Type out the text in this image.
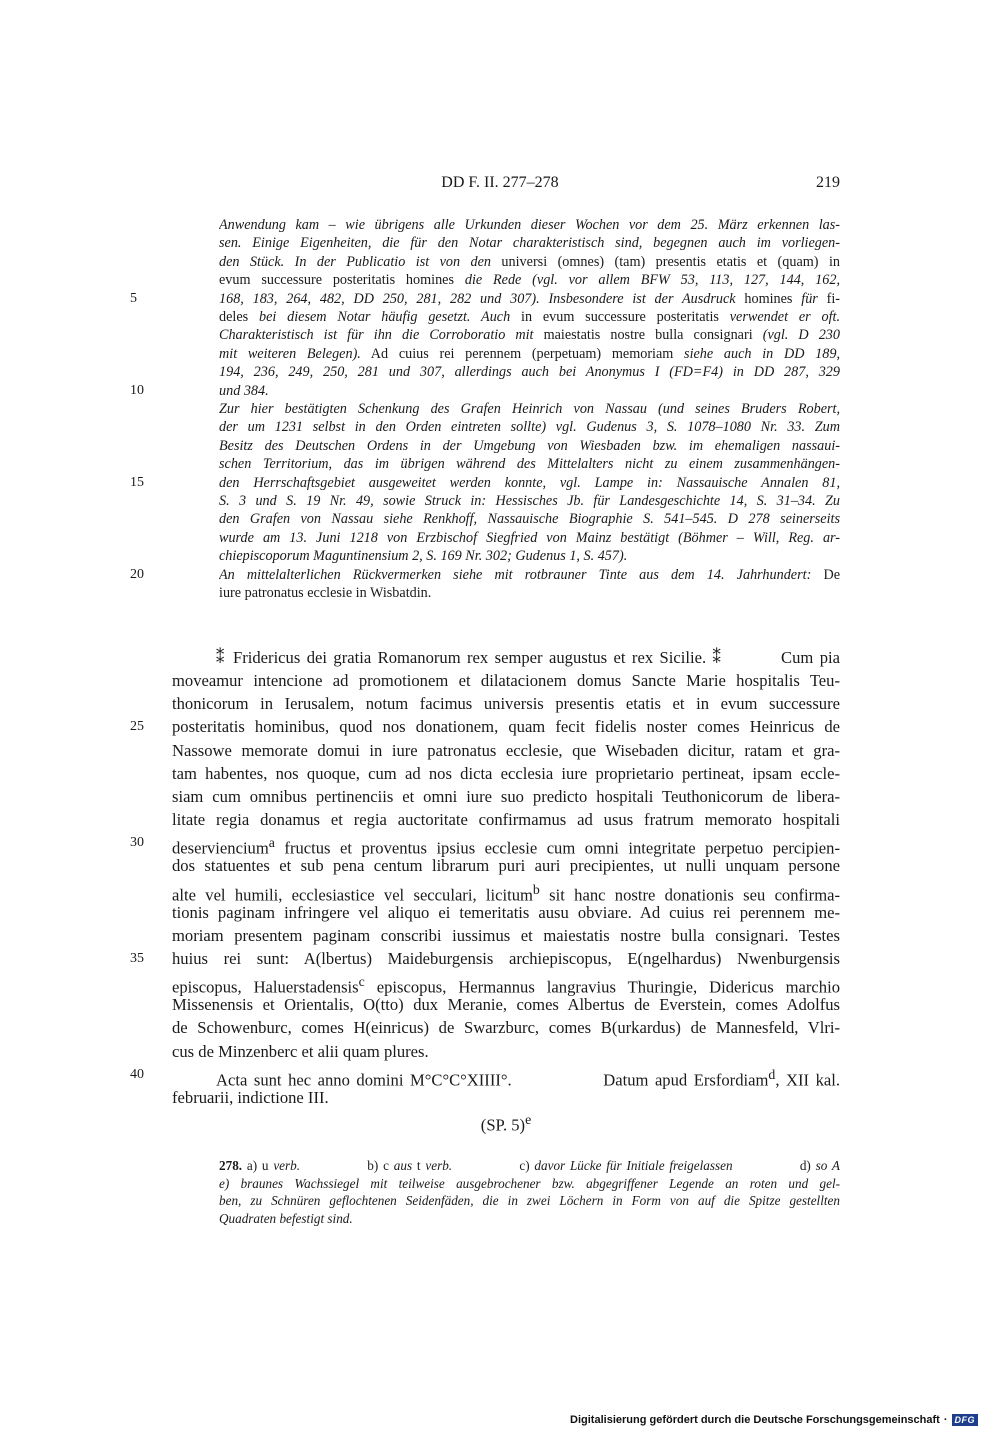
DD F. II. 277–278	219
Anwendung kam – wie übrigens alle Urkunden dieser Wochen vor dem 25. März erkennen las-
sen. Einige Eigenheiten, die für den Notar charakteristisch sind, begegnen auch im vorliegen-
den Stück. In der Publicatio ist von den universi (omnes) (tam) presentis etatis et (quam) in
evum successure posteritatis homines die Rede (vgl. vor allem BFW 53, 113, 127, 144, 162,
168, 183, 264, 482, DD 250, 281, 282 und 307). Insbesondere ist der Ausdruck homines für fi-
deles bei diesem Notar häufig gesetzt. Auch in evum successure posteritatis verwendet er oft.
Charakteristisch ist für ihn die Corroboratio mit maiestatis nostre bulla consignari (vgl. D 230
mit weiteren Belegen). Ad cuius rei perennem (perpetuam) memoriam siehe auch in DD 189,
194, 236, 249, 250, 281 und 307, allerdings auch bei Anonymus I (FD=F4) in DD 287, 329
und 384.
Zur hier bestätigten Schenkung des Grafen Heinrich von Nassau (und seines Bruders Robert,
der um 1231 selbst in den Orden eintreten sollte) vgl. Gudenus 3, S. 1078–1080 Nr. 33. Zum
Besitz des Deutschen Ordens in der Umgebung von Wiesbaden bzw. im ehemaligen nassaui-
schen Territorium, das im übrigen während des Mittelalters nicht zu einem zusammenhängen-
den Herrschaftsgebiet ausgeweitet werden konnte, vgl. Lampe in: Nassauische Annalen 81,
S. 3 und S. 19 Nr. 49, sowie Struck in: Hessisches Jb. für Landesgeschichte 14, S. 31–34. Zu
den Grafen von Nassau siehe Renkhoff, Nassauische Biographie S. 541–545. D 278 seinerseits
wurde am 13. Juni 1218 von Erzbischof Siegfried von Mainz bestätigt (Böhmer – Will, Reg. ar-
chiepiscoporum Maguntinensium 2, S. 169 Nr. 302; Gudenus 1, S. 457).
An mittelalterlichen Rückvermerken siehe mit rotbrauner Tinte aus dem 14. Jahrhundert: De
iure patronatus ecclesie in Wisbatdin.
5
10
15
20
⁑ Fridericus dei gratia Romanorum rex semper augustus et rex Sicilie. ⁑         Cum pia
moveamur intencione ad promotionem et dilatacionem domus Sancte Marie hospitalis Teu-
thonicorum in Ierusalem, notum facimus universis presentis etatis et in evum successure
posteritatis hominibus, quod nos donationem, quam fecit fidelis noster comes Heinricus de
Nassowe memorate domui in iure patronatus ecclesie, que Wisebaden dicitur, ratam et gra-
tam habentes, nos quoque, cum ad nos dicta ecclesia iure proprietario pertineat, ipsam eccle-
siam cum omnibus pertinenciis et omni iure suo predicto hospitali Teuthonicorum de libera-
litate regia donamus et regia auctoritate confirmamus ad usus fratrum memorato hospitali
deserviencium$^a$ fructus et proventus ipsius ecclesie cum omni integritate perpetuo percipien-
dos statuentes et sub pena centum librarum puri auri precipientes, ut nulli unquam persone
alte vel humili, ecclesiastice vel secculari, licitum$^b$ sit hanc nostre donationis seu confirma-
tionis paginam infringere vel aliquo ei temeritatis ausu obviare. Ad cuius rei perennem me-
moriam presentem paginam conscribi iussimus et maiestatis nostre bulla consignari. Testes
huius rei sunt: A(lbertus) Maideburgensis archiepiscopus, E(ngelhardus) Nwenburgensis
episcopus, Haluerstadensis$^c$ episcopus, Hermannus langravius Thuringie, Didericus marchio
Missenensis et Orientalis, O(tto) dux Meranie, comes Albertus de Everstein, comes Adolfus
de Schowenburc, comes H(einricus) de Swarzburc, comes B(urkardus) de Mannesfeld, Vlri-
cus de Minzenberc et alii quam plures.
Acta sunt hec anno domini M°C°C°XIIII°.              Datum apud Ersfordiam$^d$, XII kal.
februarii, indictione III.
25
30
35
40
(SP. 5)$^e$
278. a) u verb.              b) c aus t verb.              c) davor Lücke für Initiale freigelassen              d) so A
e) braunes Wachssiegel mit teilweise ausgebrochener bzw. abgegriffener Legende an roten und gel-
ben, zu Schnüren geflochtenen Seidenfäden, die in zwei Löchern in Form von auf die Spitze gestellten
Quadraten befestigt sind.
Digitalisierung gefördert durch die Deutsche Forschungsgemeinschaft · DFG
